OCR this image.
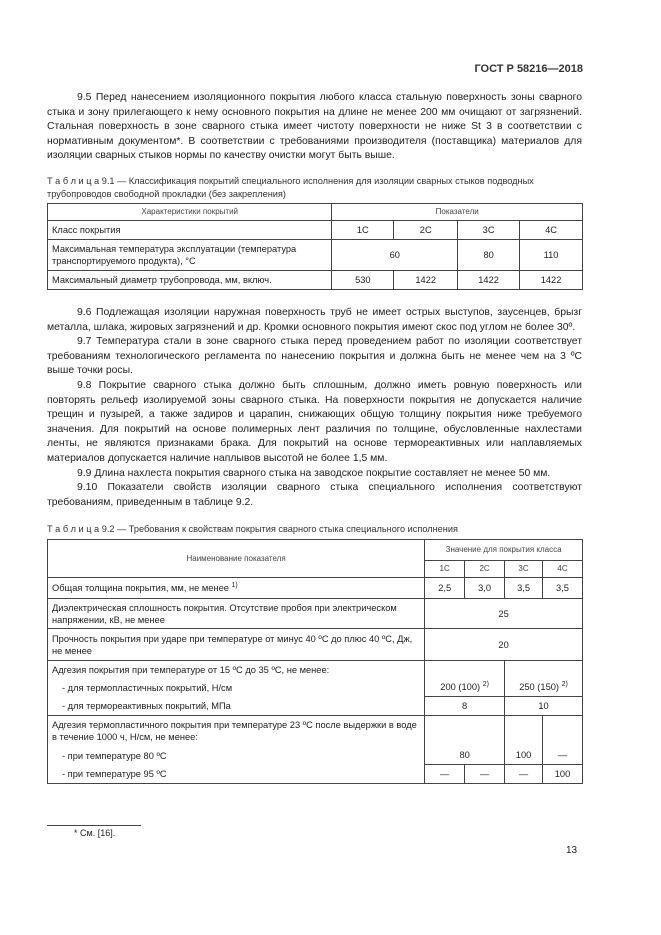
ГОСТ Р 58216—2018

9.5 Перед нанесением изоляционного покрытия любого класса стальную поверхность зоны сварного стыка и зону прилегающего к нему основного покрытия на длине не менее 200 мм очищают от загрязнений. Стальная поверхность в зоне сварного стыка имеет чистоту поверхности не ниже St 3 в соответствии с нормативным документом*. В соответствии с требованиями производителя (поставщика) материалов для изоляции сварных стыков нормы по качеству очистки могут быть выше.

Т а б л и ц а 9.1 — Классификация покрытий специального исполнения для изоляции сварных стыков подводных трубопроводов свободной прокладки (без закрепления)
Характеристики покрытий	Показатели			
Класс покрытия	1С	2С	3С	4С
Максимальная температура эксплуатации (температура транспортируемого продукта), °С	60		80	110
Максимальный диаметр трубопровода, мм, включ.	530	1422	1422	1422

9.6 Подлежащая изоляции наружная поверхность труб не имеет острых выступов, заусенцев, брызг металла, шлака, жировых загрязнений и др. Кромки основного покрытия имеют скос под углом не более 30º.

9.7 Температура стали в зоне сварного стыка перед проведением работ по изоляции соответствует требованиям технологического регламента по нанесению покрытия и должна быть не менее чем на 3 ºС выше точки росы.

9.8 Покрытие сварного стыка должно быть сплошным, должно иметь ровную поверхность или повторять рельеф изолируемой зоны сварного стыка. На поверхности покрытия не допускается наличие трещин и пузырей, а также задиров и царапин, снижающих общую толщину покрытия ниже требуемого значения. Для покрытий на основе полимерных лент различия по толщине, обусловленные нахлестами ленты, не являются признаками брака. Для покрытий на основе термореактивных или наплавляемых материалов допускается наличие наплывов высотой не более 1,5 мм.

9.9 Длина нахлеста покрытия сварного стыка на заводское покрытие составляет не менее 50 мм.

9.10 Показатели свойств изоляции сварного стыка специального исполнения соответствуют требованиям, приведенным в таблице 9.2.

Т а б л и ц а 9.2 — Требования к свойствам покрытия сварного стыка специального исполнения
Наименование показателя	Значение для покрытия класса			
	1С	2С	3С	4С
Общая толщина покрытия, мм, не менее $^{1)}$	2,5	3,0	3,5	3,5
Диэлектрическая сплошность покрытия. Отсутствие пробоя при электрическом напряжении, кВ, не менее	25			
Прочность покрытия при ударе при температуре от минус 40 ºС до плюс 40 ºС, Дж, не менее	20			
Адгезия покрытия при температуре от 15 ºС до 35 ºС, не менее:				
- для термопластичных покрытий, Н/см	200 (100) $^{2)}$		250 (150) $^{2)}$
- для термореактивных покрытий, МПа	8		10	
Адгезия термопластичного покрытия при температуре 23 ºС после выдержки в воде в течение 1000 ч, Н/см, не менее:				
- при температуре 80 ºС	80		100	—
- при температуре 95 ºС	—	—	—	100
* См. [16].
13
